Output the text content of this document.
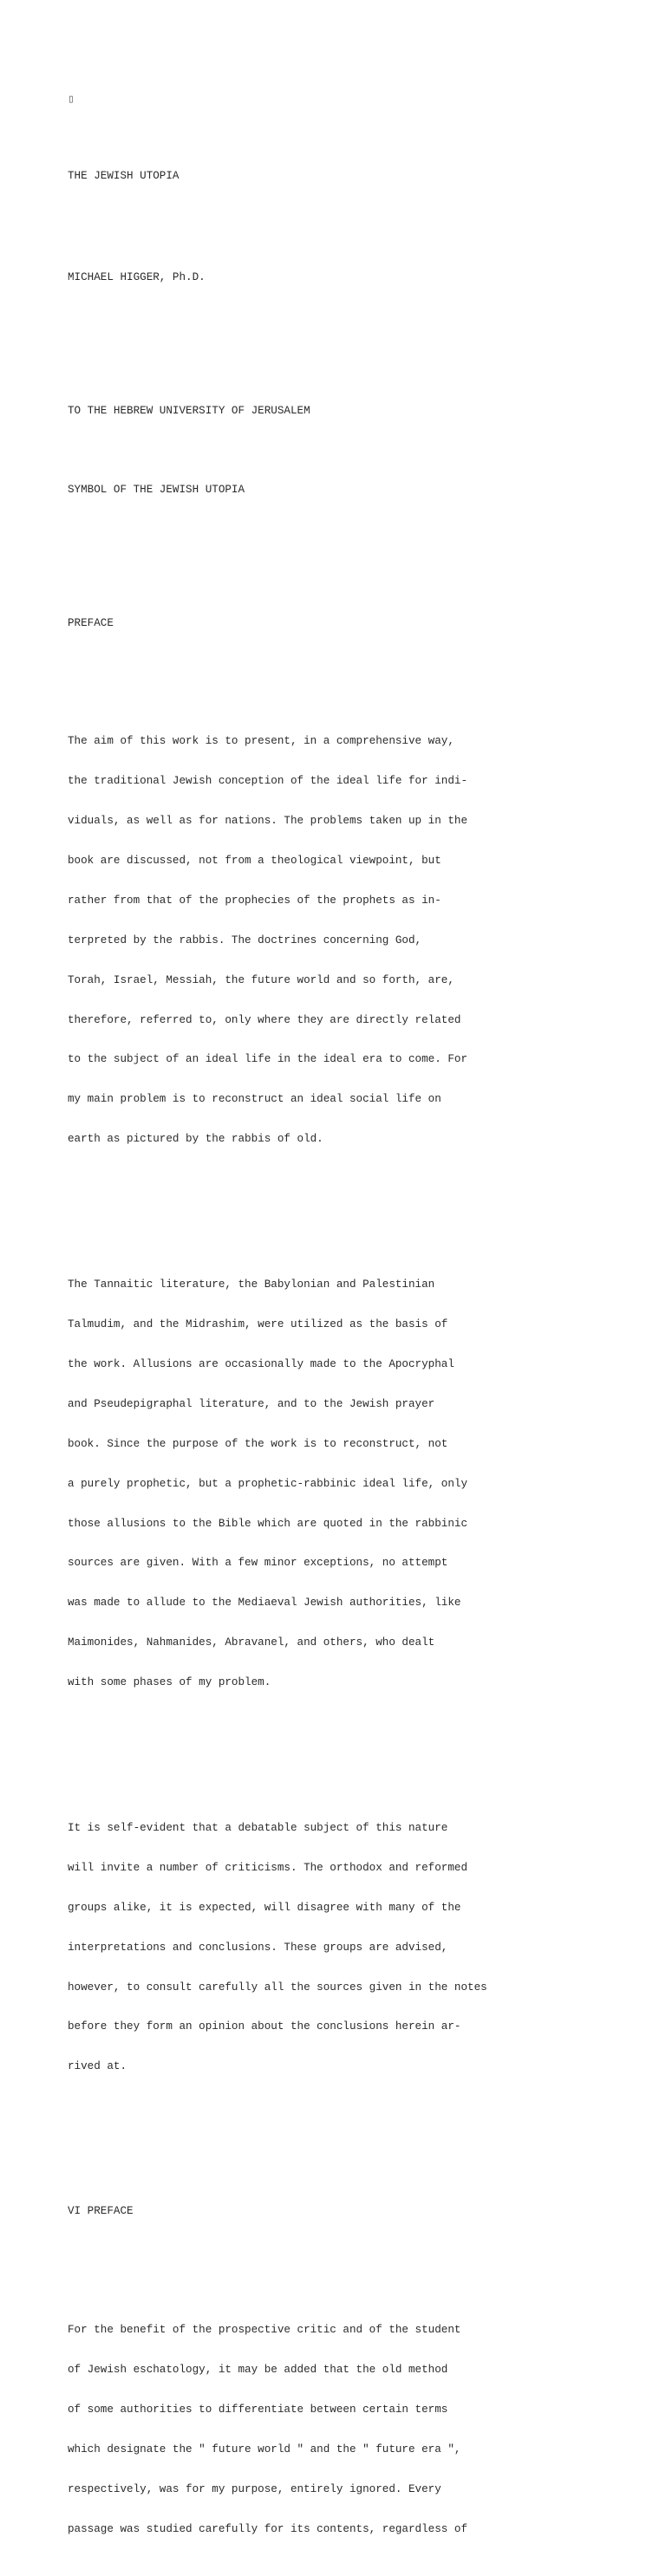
▯

THE JEWISH UTOPIA

MICHAEL HIGGER, Ph.D.

TO THE HEBREW UNIVERSITY OF JERUSALEM

SYMBOL OF THE JEWISH UTOPIA

PREFACE

The aim of this work is to present, in a comprehensive way,

the traditional Jewish conception of the ideal life for indi-

viduals, as well as for nations. The problems taken up in the

book are discussed, not from a theological viewpoint, but

rather from that of the prophecies of the prophets as in-

terpreted by the rabbis. The doctrines concerning God,

Torah, Israel, Messiah, the future world and so forth, are,

therefore, referred to, only where they are directly related

to the subject of an ideal life in the ideal era to come. For

my main problem is to reconstruct an ideal social life on

earth as pictured by the rabbis of old.

The Tannaitic literature, the Babylonian and Palestinian

Talmudim, and the Midrashim, were utilized as the basis of

the work. Allusions are occasionally made to the Apocryphal

and Pseudepigraphal literature, and to the Jewish prayer

book. Since the purpose of the work is to reconstruct, not

a purely prophetic, but a prophetic-rabbinic ideal life, only

those allusions to the Bible which are quoted in the rabbinic

sources are given. With a few minor exceptions, no attempt

was made to allude to the Mediaeval Jewish authorities, like

Maimonides, Nahmanides, Abravanel, and others, who dealt

with some phases of my problem.

It is self-evident that a debatable subject of this nature

will invite a number of criticisms. The orthodox and reformed

groups alike, it is expected, will disagree with many of the

interpretations and conclusions. These groups are advised,

however, to consult carefully all the sources given in the notes

before they form an opinion about the conclusions herein ar-

rived at.

VI PREFACE

For the benefit of the prospective critic and of the student

of Jewish eschatology, it may be added that the old method

of some authorities to differentiate between certain terms

which designate the " future world " and the " future era ",

respectively, was for my purpose, entirely ignored. Every

passage was studied carefully for its contents, regardless of
